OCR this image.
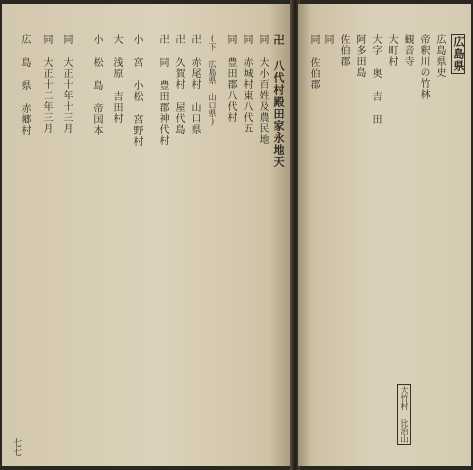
卍 八代村殿田家永地天
同 大小百姓及農民地
同 赤城村東八代五
同 豊田郡八代村
(下 広島県 山口県)
卍 赤尾村 山口県
卍 久賀村 屋代島
卍 同 豊田郡神代村
小 宮 小松 宮野村
大 浅原 吉田村
小 松 島 帝国本
同 大正十年十三月
同 大正十二年三月
広 島 県 赤郷村
七七
広島県
広島県史
帝釈川の竹林
観音寺
大町村
大字 奥 吉 田
阿多田島
佐伯郡
同
同 佐伯郡
大竹村 比治山
